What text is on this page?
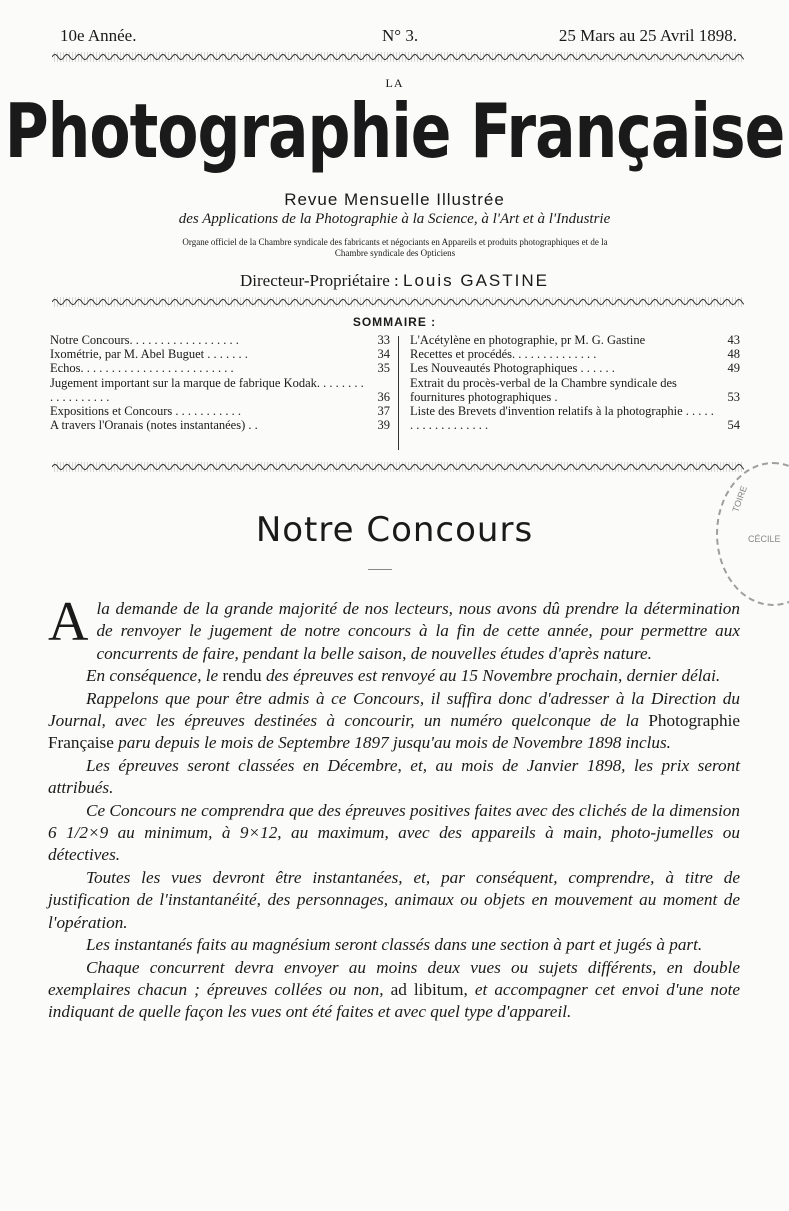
10e Année.	N° 3.	25 Mars au 25 Avril 1898.
LA
Photographie Française
Revue Mensuelle Illustrée
des Applications de la Photographie à la Science, à l'Art et à l'Industrie
Organe officiel de la Chambre syndicale des fabricants et négociants en Appareils et produits photographiques et de la
Chambre syndicale des Opticiens
Directeur-Propriétaire : Louis GASTINE
SOMMAIRE :
Notre Concours. . . . . . . . . . . . . . . . . .	33
Ixométrie, par M. Abel Buguet . . . . . . .	34
Echos. . . . . . . . . . . . . . . . . . . . . . . . .	35
Jugement important sur la marque de fabrique Kodak. . . . . . . . . . . . . . . . . .	36
Expositions et Concours . . . . . . . . . . .	37
A travers l'Oranais (notes instantanées) . .	39
L'Acétylène en photographie, pr M. G. Gastine	43
Recettes et procédés. . . . . . . . . . . . . .	48
Les Nouveautés Photographiques . . . . . .	49
Extrait du procès-verbal de la Chambre syndicale des fournitures photographiques .	53
Liste des Brevets d'invention relatifs à la photographie . . . . . . . . . . . . . . . . . .	54
TOIRE
CÉCILE
Notre Concours

Ala demande de la grande majorité de nos lecteurs, nous avons dû prendre la détermination de renvoyer le jugement de notre concours à la fin de cette année, pour permettre aux concurrents de faire, pendant la belle saison, de nouvelles études d'après nature.

En conséquence, le rendu des épreuves est renvoyé au 15 Novembre prochain, dernier délai.

Rappelons que pour être admis à ce Concours, il suffira donc d'adresser à la Direction du Journal, avec les épreuves destinées à concourir, un numéro quelconque de la Photographie Française paru depuis le mois de Septembre 1897 jusqu'au mois de Novembre 1898 inclus.

Les épreuves seront classées en Décembre, et, au mois de Janvier 1898, les prix seront attribués.

Ce Concours ne comprendra que des épreuves positives faites avec des clichés de la dimension 6 1/2×9 au minimum, à 9×12, au maximum, avec des appareils à main, photo-jumelles ou détectives.

Toutes les vues devront être instantanées, et, par conséquent, comprendre, à titre de justification de l'instantanéité, des personnages, animaux ou objets en mouvement au moment de l'opération.

Les instantanés faits au magnésium seront classés dans une section à part et jugés à part.

Chaque concurrent devra envoyer au moins deux vues ou sujets différents, en double exemplaires chacun ; épreuves collées ou non, ad libitum, et accompagner cet envoi d'une note indiquant de quelle façon les vues ont été faites et avec quel type d'appareil.
